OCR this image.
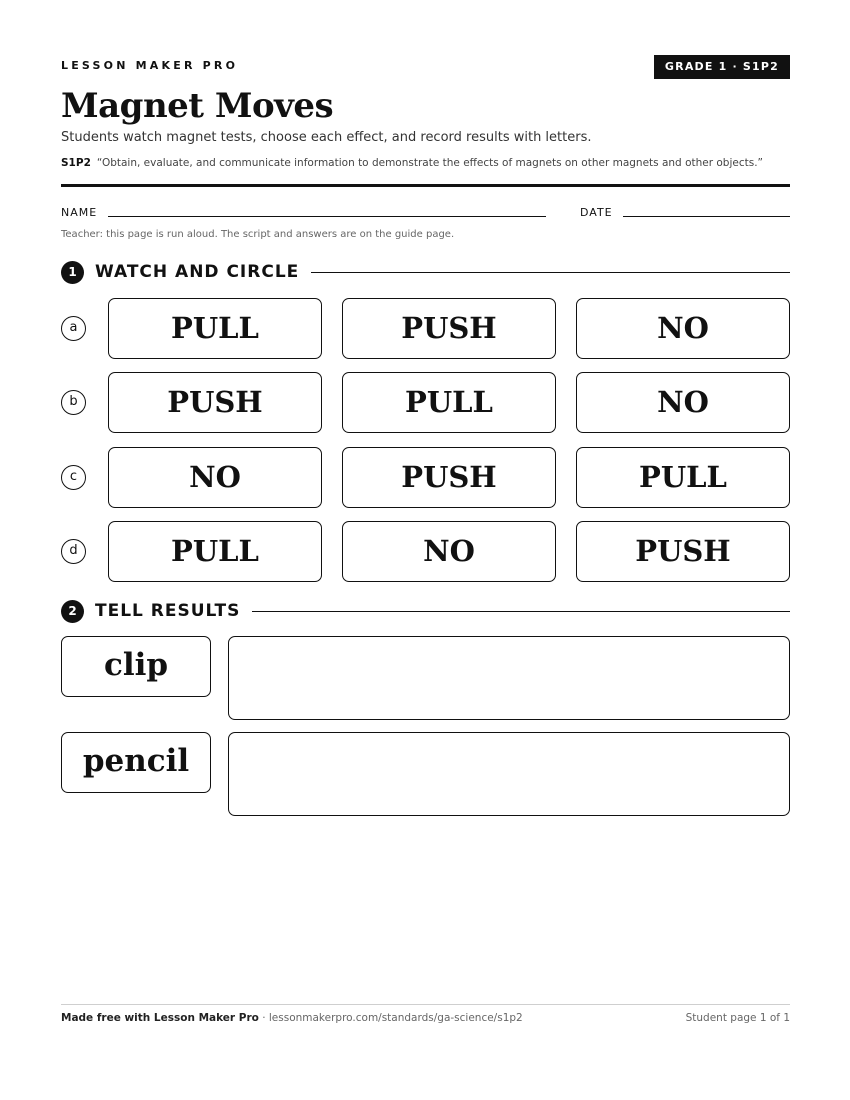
LESSON MAKER PRO	GRADE 1 · S1P2
Magnet Moves
Students watch magnet tests, choose each effect, and record results with letters.
S1P2 “Obtain, evaluate, and communicate information to demonstrate the effects of magnets on other magnets and other objects.”
NAME	DATE
Teacher: this page is run aloud. The script and answers are on the guide page.
1	WATCH AND CIRCLE
a	PULL	PUSH	NO
b	PUSH	PULL	NO
c	NO	PUSH	PULL
d	PULL	NO	PUSH
2	TELL RESULTS
clip
pencil
Made free with Lesson Maker Pro · lessonmakerpro.com/standards/ga-science/s1p2	Student page 1 of 1
